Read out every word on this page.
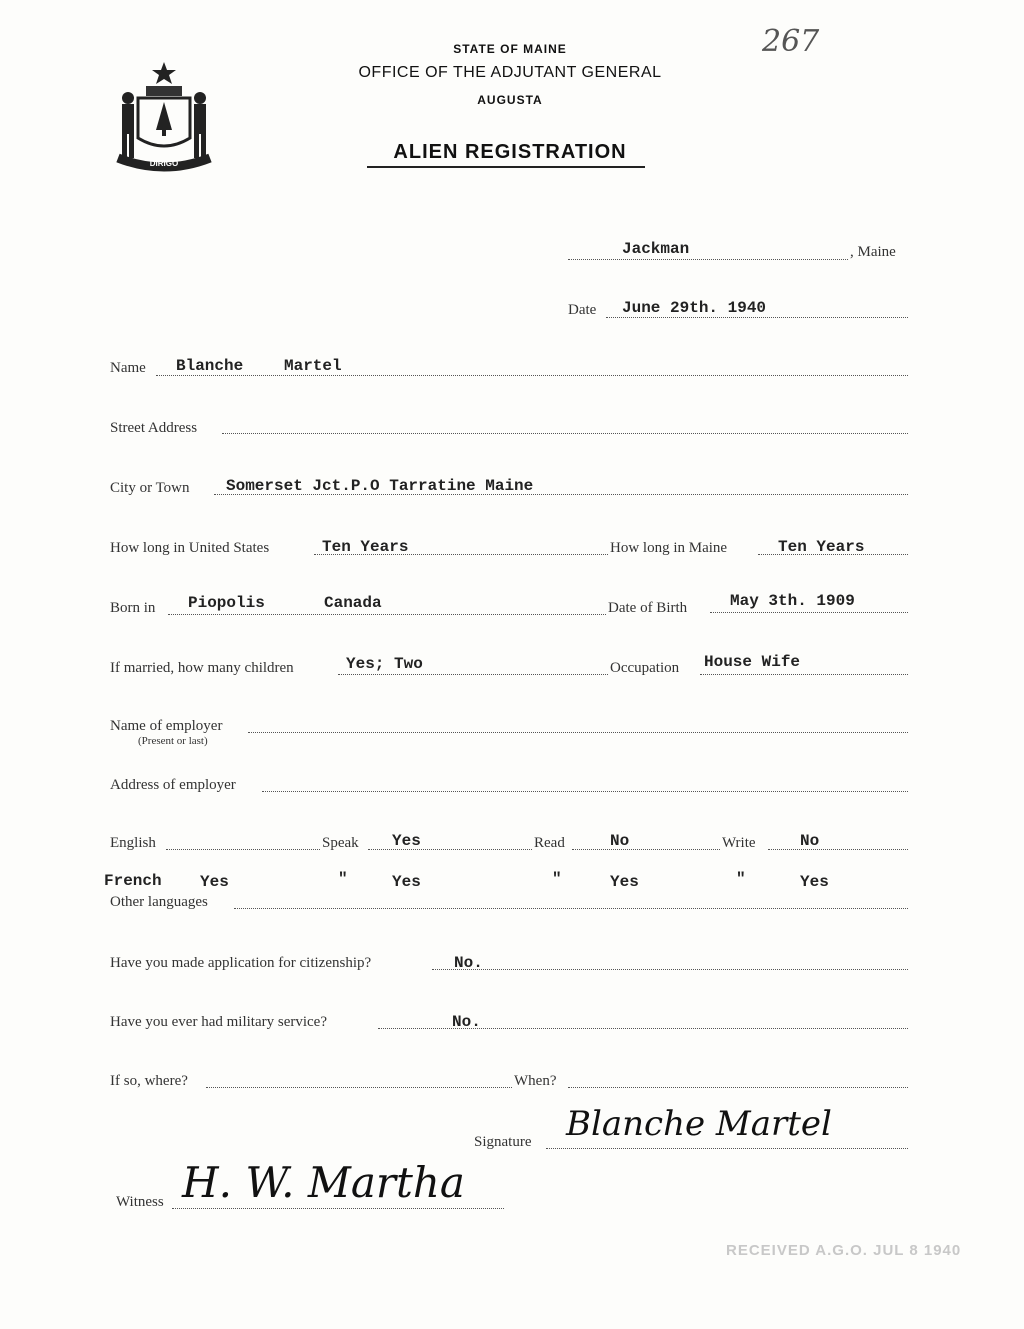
267
DIRIGO
STATE OF MAINE
OFFICE OF THE ADJUTANT GENERAL
AUGUSTA
ALIEN REGISTRATION
Jackman	, Maine
Date June 29th. 1940
Name Blanche	Martel
Street Address
City or Town Somerset Jct.P.O Tarratine Maine
How long in United States	Ten Years	How long in Maine	Ten Years
Born in Piopolis	Canada	Date of Birth	May 3th. 1909
If married, how many children	Yes; Two	Occupation House Wife
Name of employer
(Present or last)
Address of employer
English	Speak Yes	Read	No	Write	No
French Yes	"	Yes	"	Yes	"	Yes
Other languages
Have you made application for citizenship?	No.
Have you ever had military service?	No.
If so, where?	When?
Signature Blanche Martel
Witness H. W. Martha
RECEIVED A.G.O. JUL 8 1940
